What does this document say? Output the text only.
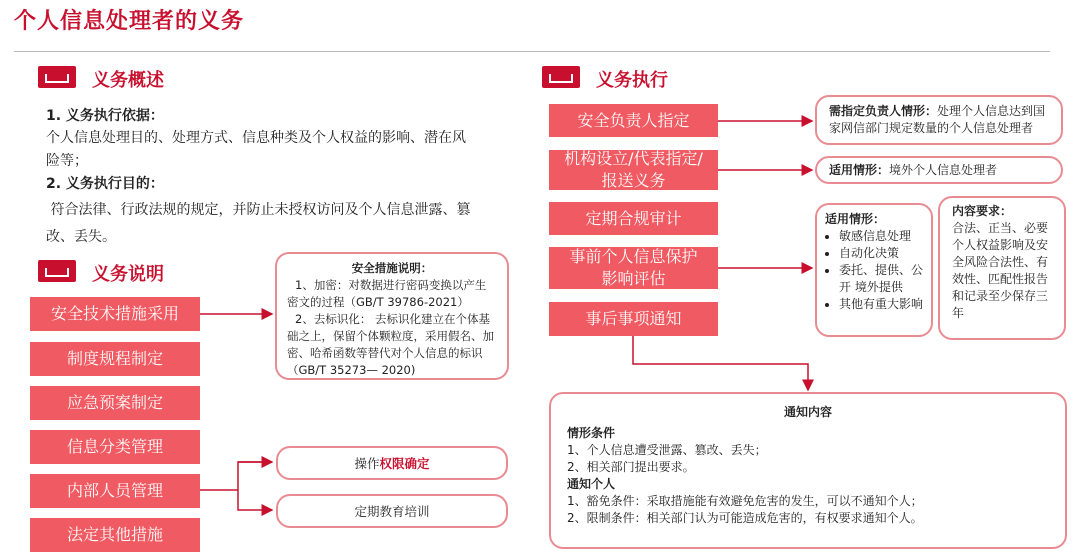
个人信息处理者的义务
义务概述
1. 义务执行依据：
个人信息处理目的、处理方式、信息种类及个人权益的影响、潜在风
险等；
2. 义务执行目的：
符合法律、行政法规的规定，并防止未授权访问及个人信息泄露、篡
改、丢失。
义务说明
安全技术措施采用
制度规程制定
应急预案制定
信息分类管理
内部人员管理
法定其他措施
安全措施说明：
1、加密：对数据进行密码变换以产生密文的过程（GB/T 39786-2021）
2、去标识化： 去标识化建立在个体基础之上，保留个体颗粒度，采用假名、加密、哈希函数等替代对个人信息的标识（GB/T 35273— 2020)
操作 权限确定
定期教育培训
义务执行
安全负责人指定
机构设立/代表指定/报送义务
定期合规审计
事前个人信息保护影响评估
事后事项通知
需指定负责人情形：处理个人信息达到国家网信部门规定数量的个人信息处理者
适用情形：境外个人信息处理者
适用情形：
• 敏感信息处理
• 自动化决策
• 委托、提供、公开 境外提供
• 其他有重大影响
内容要求：
合法、正当、必要个人权益影响及安全风险合法性、有效性、匹配性报告和记录至少保存三年
通知内容
情形条件
1、个人信息遭受泄露、篡改、丢失；
2、相关部门提出要求。
通知个人
1、豁免条件：采取措施能有效避免危害的发生，可以不通知个人；
2、限制条件：相关部门认为可能造成危害的，有权要求通知个人。
